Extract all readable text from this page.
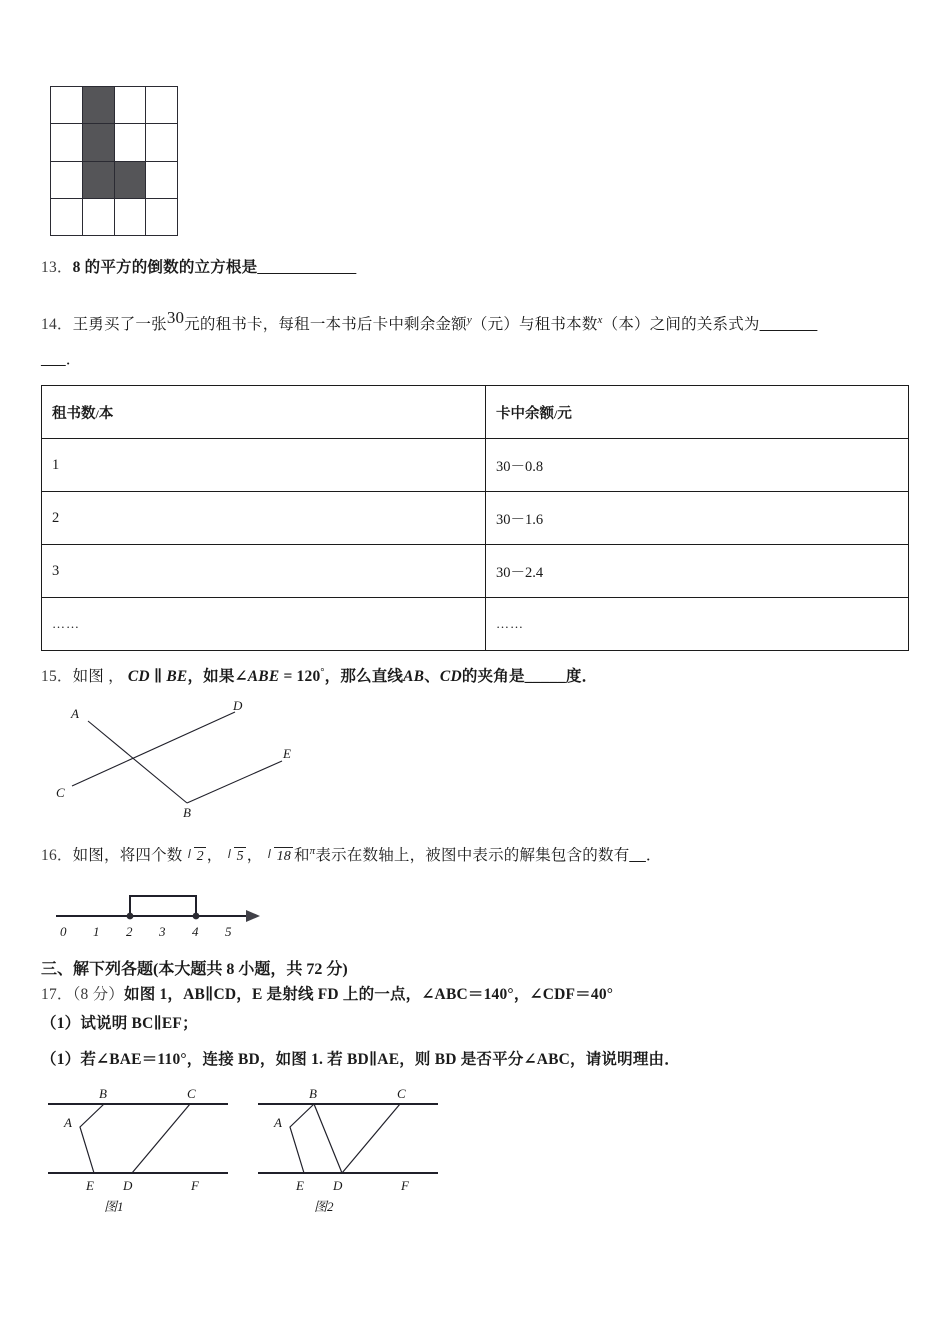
13．8 的平方的倒数的立方根是____________
14．王勇买了一张30元的租书卡，每租一本书后卡中剩余金额$^y$（元）与租书本数$^x$（本）之间的关系式为_______
___．
租书数/本	卡中余额/元
1	30－0.8
2	30－1.6
3	30－2.4
……	……
15．如图 ， CD ∥ BE，如果∠ABE = 120°，那么直线AB、CD的夹角是_____度．
A
D
E
C
B
16．如图，将四个数 2 ， 5 ， 18 和$^\pi$表示在数轴上，被图中表示的解集包含的数有__．
0 1 2 3 4 5
三、解下列各题(本大题共 8 小题，共 72 分)
17．（8 分）如图 1，AB∥CD，E 是射线 FD 上的一点，∠ABC＝140°，∠CDF＝40°
（1）试说明 BC∥EF；
（1）若∠BAE＝110°，连接 BD，如图 1. 若 BD∥AE，则 BD 是否平分∠ABC，请说明理由．
B	C
A
E D	F
图1
B	C
A
E D	F
图2
